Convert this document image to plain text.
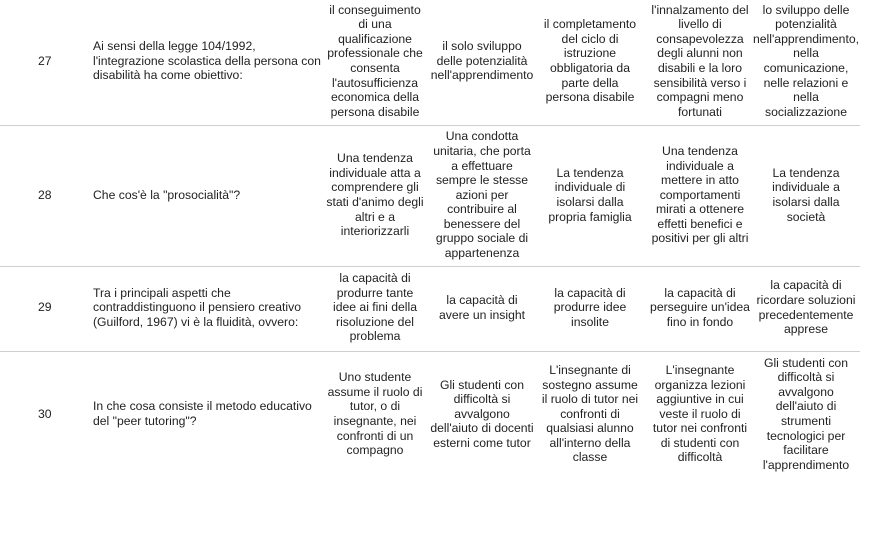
27
Ai sensi della legge 104/1992, l'integrazione scolastica della persona con disabilità ha come obiettivo:
il conseguimento di una qualificazione professionale che consenta l'autosufficienza economica della persona disabile
il solo sviluppo delle potenzialità nell'apprendimento
il completamento del ciclo di istruzione obbligatoria da parte della persona disabile
l'innalzamento del livello di consapevolezza degli alunni non disabili e la loro sensibilità verso i compagni meno fortunati
lo sviluppo delle potenzialità nell'apprendimento, nella comunicazione, nelle relazioni e nella socializzazione
28	Che cos'è la "prosocialità"?
Una tendenza individuale atta a comprendere gli stati d'animo degli altri e a interiorizzarli
Una condotta unitaria, che porta a effettuare sempre le stesse azioni per contribuire al benessere del gruppo sociale di appartenenza
La tendenza individuale di isolarsi dalla propria famiglia
Una tendenza individuale a mettere in atto comportamenti mirati a ottenere effetti benefici e positivi per gli altri
La tendenza individuale a isolarsi dalla società
29
Tra i principali aspetti che contraddistinguono il pensiero creativo (Guilford, 1967) vi è la fluidità, ovvero:
la capacità di produrre tante idee ai fini della risoluzione del problema
la capacità di avere un insight
la capacità di produrre idee insolite
la capacità di perseguire un'idea fino in fondo
la capacità di ricordare soluzioni precedentemente apprese
30
In che cosa consiste il metodo educativo del "peer tutoring"?
Uno studente assume il ruolo di tutor, o di insegnante, nei confronti di un compagno
Gli studenti con difficoltà si avvalgono dell'aiuto di docenti esterni come tutor
L'insegnante di sostegno assume il ruolo di tutor nei confronti di qualsiasi alunno all'interno della classe
L'insegnante organizza lezioni aggiuntive in cui veste il ruolo di tutor nei confronti di studenti con difficoltà
Gli studenti con difficoltà si avvalgono dell'aiuto di strumenti tecnologici per facilitare l'apprendimento
